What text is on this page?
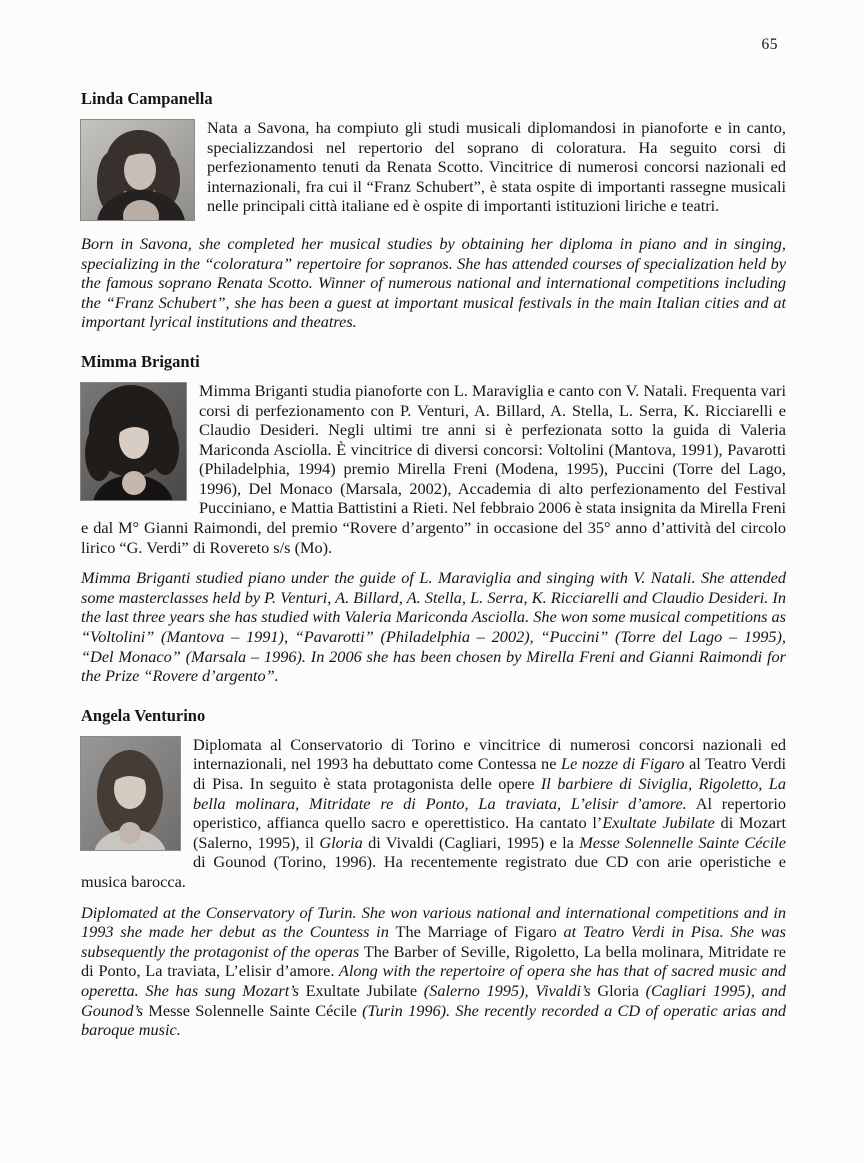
65
Linda Campanella

Nata a Savona, ha compiuto gli studi musicali diplomandosi in pianoforte e in canto, specializzandosi nel repertorio del soprano di coloratura. Ha seguito corsi di perfezionamento tenuti da Renata Scotto. Vincitrice di numerosi concorsi nazionali ed internazionali, fra cui il “Franz Schubert”, è stata ospite di importanti rassegne musicali nelle principali città italiane ed è ospite di importanti istituzioni liriche e teatri.

Born in Savona, she completed her musical studies by obtaining her diploma in piano and in singing, specializing in the “coloratura” repertoire for sopranos. She has attended courses of specialization held by the famous soprano Renata Scotto. Winner of numerous national and international competitions including the “Franz Schubert”, she has been a guest at important musical festivals in the main Italian cities and at important lyrical institutions and theatres.

Mimma Briganti

Mimma Briganti studia pianoforte con L. Maraviglia e canto con V. Natali. Frequenta vari corsi di perfezionamento con P. Venturi, A. Billard, A. Stella, L. Serra, K. Ricciarelli e Claudio Desideri. Negli ultimi tre anni si è perfezionata sotto la guida di Valeria Mariconda Asciolla. È vincitrice di diversi concorsi: Voltolini (Mantova, 1991), Pavarotti (Philadelphia, 1994) premio Mirella Freni (Modena, 1995), Puccini (Torre del Lago, 1996), Del Monaco (Marsala, 2002), Accademia di alto perfezionamento del Festival Pucciniano, e Mattia Battistini a Rieti. Nel febbraio 2006 è stata insignita da Mirella Freni e dal M° Gianni Raimondi, del premio “Rovere d’argento” in occasione del 35° anno d’attività del circolo lirico “G. Verdi” di Rovereto s/s (Mo).

Mimma Briganti studied piano under the guide of L. Maraviglia and singing with V. Natali. She attended some masterclasses held by P. Venturi, A. Billard, A. Stella, L. Serra, K. Ricciarelli and Claudio Desideri. In the last three years she has studied with Valeria Mariconda Asciolla. She won some musical competitions as “Voltolini” (Mantova – 1991), “Pavarotti” (Philadelphia – 2002), “Puccini” (Torre del Lago – 1995), “Del Monaco” (Marsala – 1996). In 2006 she has been chosen by Mirella Freni and Gianni Raimondi for the Prize “Rovere d’argento”.

Angela Venturino

Diplomata al Conservatorio di Torino e vincitrice di numerosi concorsi nazionali ed internazionali, nel 1993 ha debuttato come Contessa ne Le nozze di Figaro al Teatro Verdi di Pisa. In seguito è stata protagonista delle opere Il barbiere di Siviglia, Rigoletto, La bella molinara, Mitridate re di Ponto, La traviata, L’elisir d’amore. Al repertorio operistico, affianca quello sacro e operettistico. Ha cantato l’Exultate Jubilate di Mozart (Salerno, 1995), il Gloria di Vivaldi (Cagliari, 1995) e la Messe Solennelle Sainte Cécile di Gounod (Torino, 1996). Ha recentemente registrato due CD con arie operistiche e musica barocca.

Diplomated at the Conservatory of Turin. She won various national and international competitions and in 1993 she made her debut as the Countess in The Marriage of Figaro at Teatro Verdi in Pisa. She was subsequently the protagonist of the operas The Barber of Seville, Rigoletto, La bella molinara, Mitridate re di Ponto, La traviata, L’elisir d’amore. Along with the repertoire of opera she has that of sacred music and operetta. She has sung Mozart’s Exultate Jubilate (Salerno 1995), Vivaldi’s Gloria (Cagliari 1995), and Gounod’s Messe Solennelle Sainte Cécile (Turin 1996). She recently recorded a CD of operatic arias and baroque music.
